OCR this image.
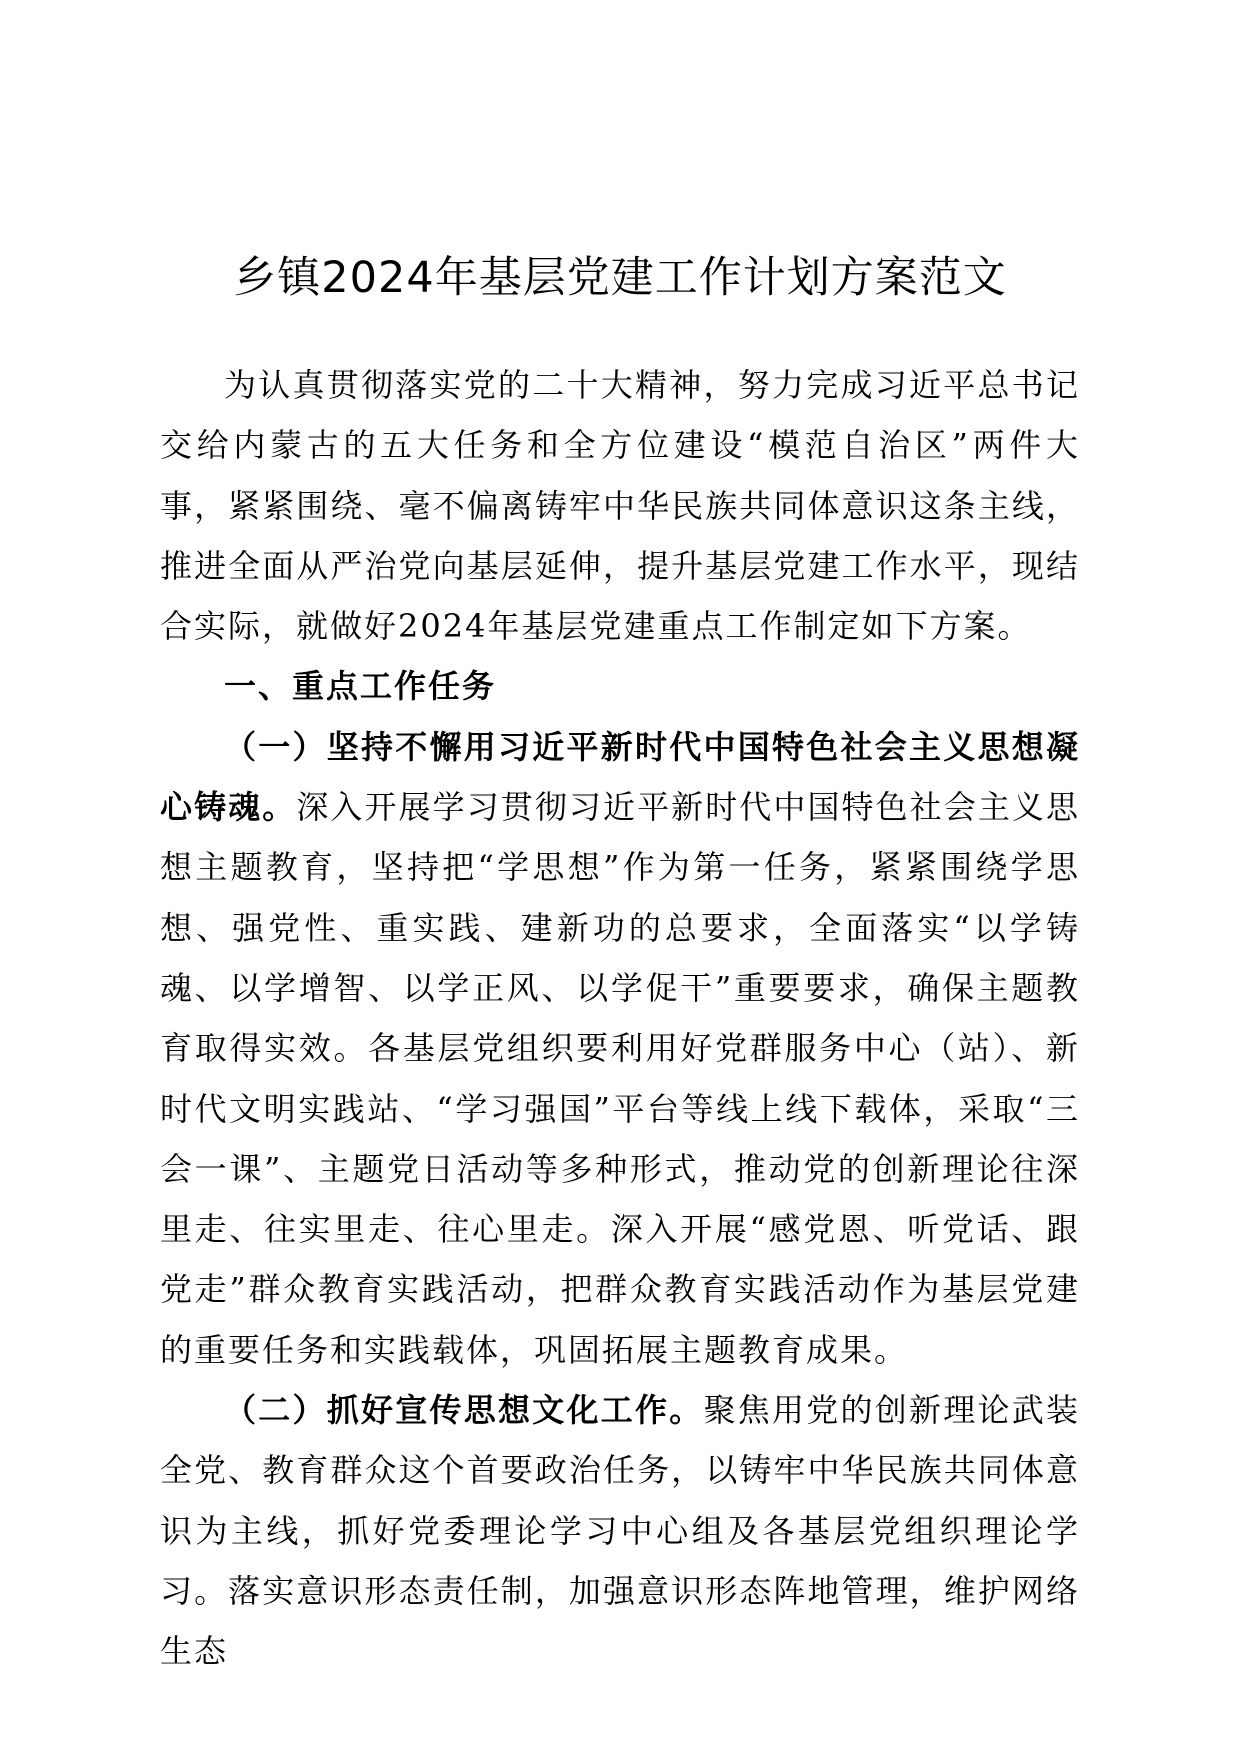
乡镇2024年基层党建工作计划方案范文

为认真贯彻落实党的二十大精神，努力完成习近平总书记交给内蒙古的五大任务和全方位建设“模范自治区”两件大事，紧紧围绕、毫不偏离铸牢中华民族共同体意识这条主线，推进全面从严治党向基层延伸，提升基层党建工作水平，现结合实际，就做好2024年基层党建重点工作制定如下方案。

一、重点工作任务

（一）坚持不懈用习近平新时代中国特色社会主义思想凝心铸魂。深入开展学习贯彻习近平新时代中国特色社会主义思想主题教育，坚持把“学思想”作为第一任务，紧紧围绕学思想、强党性、重实践、建新功的总要求，全面落实“以学铸魂、以学增智、以学正风、以学促干”重要要求，确保主题教育取得实效。各基层党组织要利用好党群服务中心（站）、新时代文明实践站、“学习强国”平台等线上线下载体，采取“三会一课”、主题党日活动等多种形式，推动党的创新理论往深里走、往实里走、往心里走。深入开展“感党恩、听党话、跟党走”群众教育实践活动，把群众教育实践活动作为基层党建的重要任务和实践载体，巩固拓展主题教育成果。

（二）抓好宣传思想文化工作。聚焦用党的创新理论武装全党、教育群众这个首要政治任务，以铸牢中华民族共同体意识为主线，抓好党委理论学习中心组及各基层党组织理论学习。落实意识形态责任制，加强意识形态阵地管理，维护网络生态
